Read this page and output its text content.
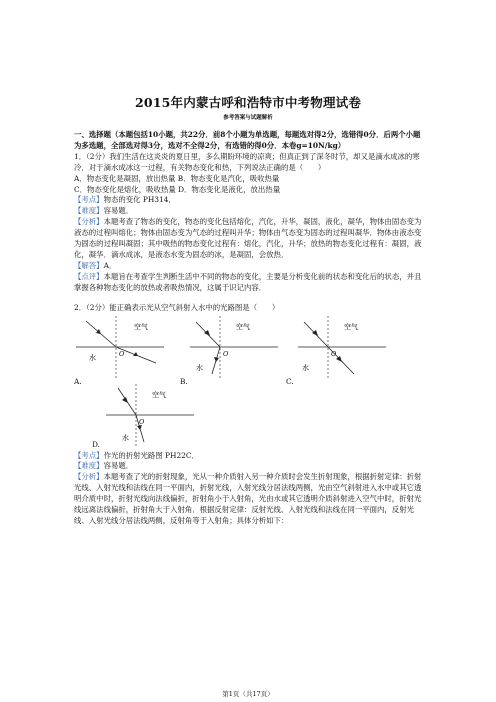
2015年内蒙古呼和浩特市中考物理试卷
参考答案与试题解析

一、选择题（本题包括10小题，共22分．前8个小题为单选题，每题选对得2分，选错得0分．后两个小题为多选题，全部选对得3分，选对不全得2分，有选错的得0分．本卷g=10N/kg）

1．（2分）我们生活在这炎炎的夏日里，多么期盼环境的凉爽；但真正到了深冬时节，却又是滴水成冰的寒冷．对于滴水成冰这一过程，有关物态变化和热，下列说法正确的是（　　）

A．物态变化是凝固，放出热量 B．物态变化是汽化，吸收热量

C．物态变化是熔化，吸收热量 D．物态变化是液化，放出热量

【考点】物态的变化 PH314．

【难度】容易题．

【分析】本题考查了物态的变化，物态的变化包括熔化，汽化，升华，凝固，液化，凝华，物体由固态变为液态的过程叫熔化；物体由固态变为气态的过程叫升华；物体由气态变为固态的过程叫凝华．物体由液态变为固态的过程叫凝固；其中吸热的物态变化过程有：熔化，汽化，升华；放热的物态变化过程有：凝固，液化，凝华．滴水成冰，是液态水变为固态的冰，是凝固，会放热．

【解答】A．

【点评】本题旨在考查学生判断生活中不同的物态的变化，主要是分析变化前的状态和变化后的状态，并且掌握各种物态变化的放热或者吸热情况，这属于识记内容．

2．（2分）能正确表示光从空气斜射入水中的光路图是（　　）

空气
水	O
A.
空气
水
O
B.
空气
水
O
C.
空气
水
O
D.

【考点】作光的折射光路图 PH22C．

【难度】容易题．

【分析】本题考查了光的折射现象，光从一种介质射入另一种介质时会发生折射现象，根据折射定律：折射光线、入射光线和法线在同一平面内，折射光线，入射光线分居法线两侧，光由空气斜射进入水中或其它透明介质中时，折射光线向法线偏折，折射角小于入射角，光由水或其它透明介质斜射进入空气中时，折射光线远离法线偏折，折射角大于入射角．根据反射定律：反射光线、入射光线和法线在同一平面内，反射光线、入射光线分居法线两侧，反射角等于入射角；具体分析如下：

第1页（共17页）
